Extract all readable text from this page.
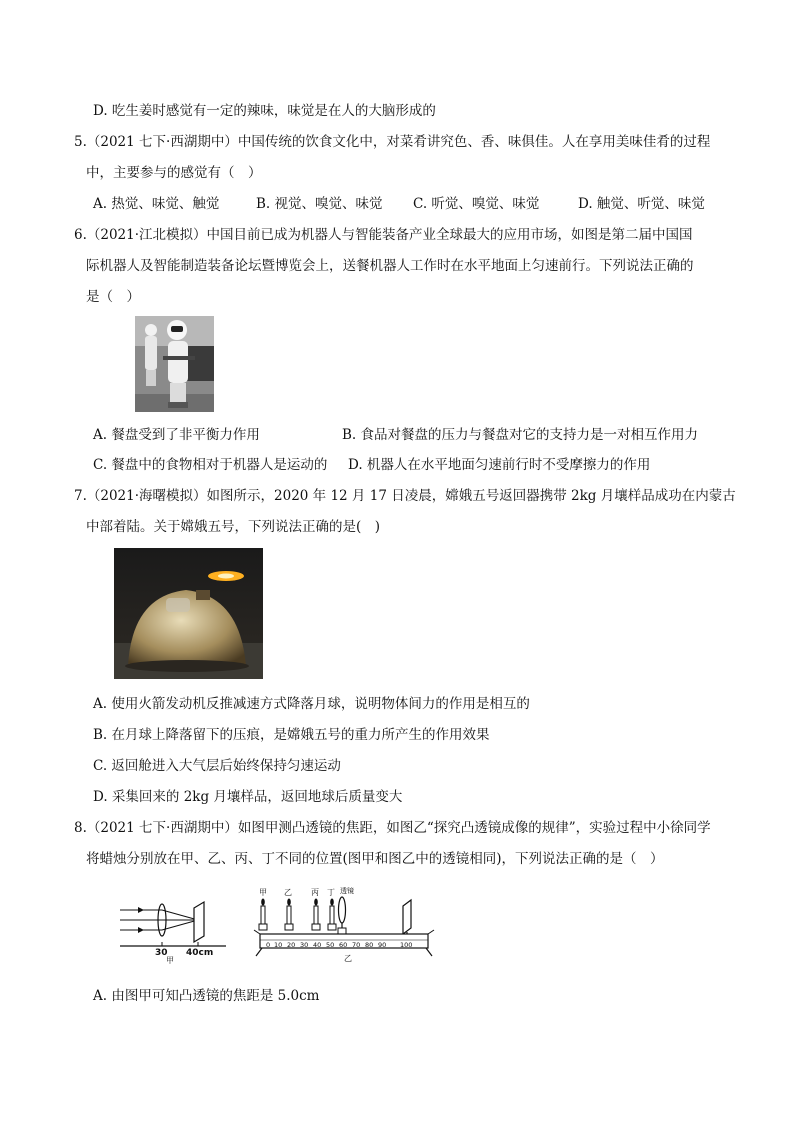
D. 吃生姜时感觉有一定的辣味，味觉是在人的大脑形成的
5.（2021 七下·西湖期中）中国传统的饮食文化中，对菜肴讲究色、香、味俱佳。人在享用美味佳肴的过程
中，主要参与的感觉有（　）
A. 热觉、味觉、触觉	B. 视觉、嗅觉、味觉 C. 听觉、嗅觉、味觉	D. 触觉、听觉、味觉
6.（2021·江北模拟）中国目前已成为机器人与智能装备产业全球最大的应用市场，如图是第二届中国国
际机器人及智能制造装备论坛暨博览会上，送餐机器人工作时在水平地面上匀速前行。下列说法正确的
是（　）
A. 餐盘受到了非平衡力作用	B. 食品对餐盘的压力与餐盘对它的支持力是一对相互作用力
C. 餐盘中的食物相对于机器人是运动的 D. 机器人在水平地面匀速前行时不受摩擦力的作用
7.（2021·海曙模拟）如图所示，2020 年 12 月 17 日凌晨，嫦娥五号返回器携带 2kg 月壤样品成功在内蒙古
中部着陆。关于嫦娥五号，下列说法正确的是(　)
A. 使用火箭发动机反推减速方式降落月球，说明物体间力的作用是相互的
B. 在月球上降落留下的压痕，是嫦娥五号的重力所产生的作用效果
C. 返回舱进入大气层后始终保持匀速运动
D. 采集回来的 2kg 月壤样品，返回地球后质量变大
8.（2021 七下·西湖期中）如图甲测凸透镜的焦距，如图乙“探究凸透镜成像的规律”，实验过程中小徐同学
将蜡烛分别放在甲、乙、丙、丁不同的位置(图甲和图乙中的透镜相同)，下列说法正确的是（　）
30 40cm
甲
甲 乙 丙 丁 透镜
0 10 20 30 40 50 60 70 80 90 100
乙
A. 由图甲可知凸透镜的焦距是 5.0cm
